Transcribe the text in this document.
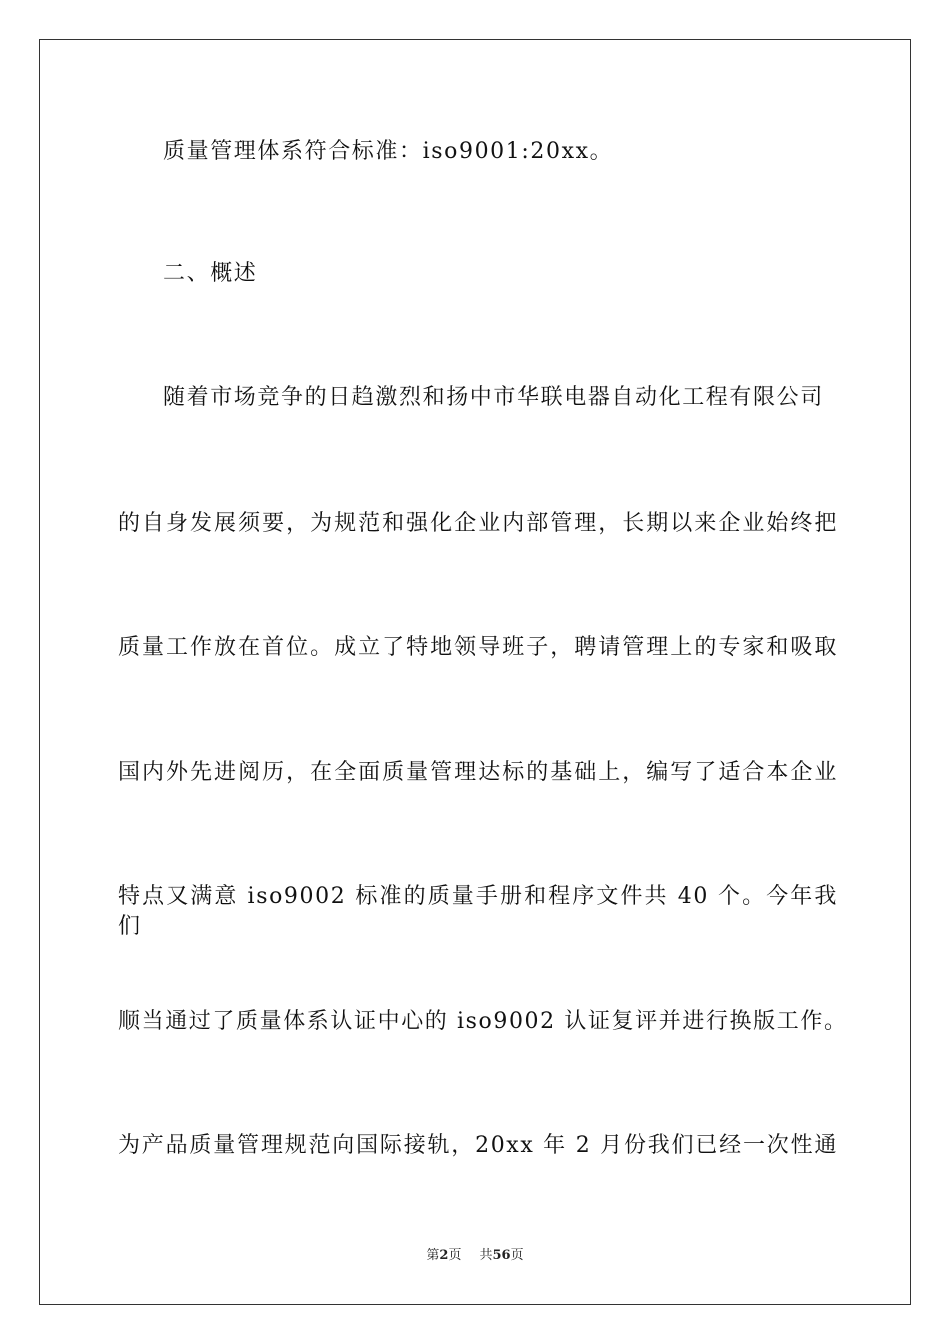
质量管理体系符合标准：iso9001:20xx。
二、概述
随着市场竞争的日趋激烈和扬中市华联电器自动化工程有限公司
的自身发展须要，为规范和强化企业内部管理，长期以来企业始终把
质量工作放在首位。成立了特地领导班子，聘请管理上的专家和吸取
国内外先进阅历，在全面质量管理达标的基础上，编写了适合本企业
特点又满意 iso9002 标准的质量手册和程序文件共 40 个。今年我们
顺当通过了质量体系认证中心的 iso9002 认证复评并进行换版工作。
为产品质量管理规范向国际接轨，20xx 年 2 月份我们已经一次性通
第2页 共56页
